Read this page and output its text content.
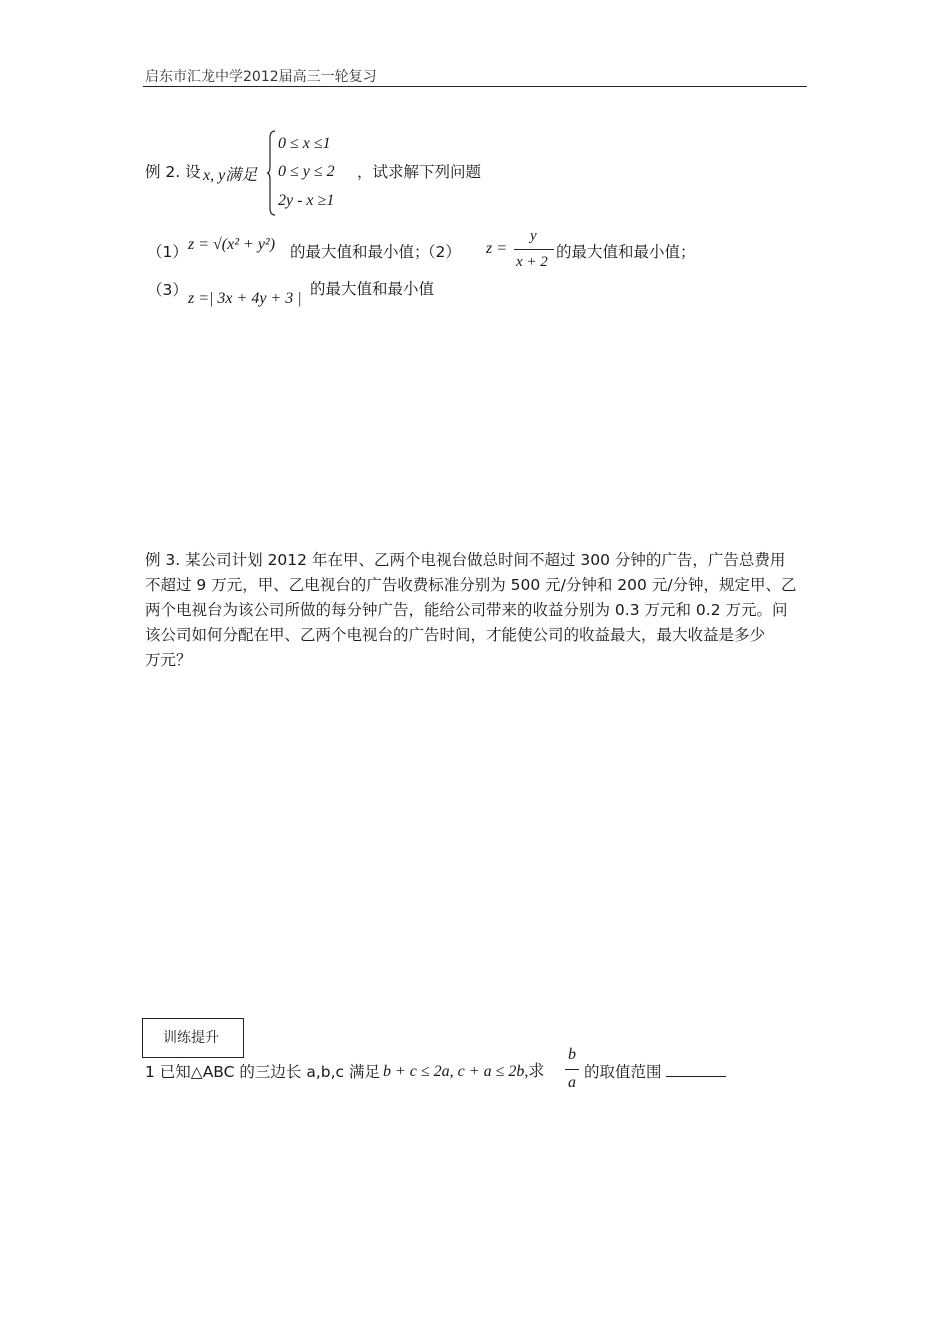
启东市汇龙中学2012届高三一轮复习
例 2. 设 x, y满足
0 ≤ x ≤1
0 ≤ y ≤ 2
2y - x ≥1
，试求解下列问题
（1） z = √(x² + y²) 的最大值和最小值；
（2） z =
y
x + 2
的最大值和最小值；
（3） z =| 3x + 4y + 3 |
的最大值和最小值
例 3. 某公司计划 2012 年在甲、乙两个电视台做总时间不超过 300 分钟的广告，广告总费用
不超过 9 万元，甲、乙电视台的广告收费标准分别为 500 元/分钟和 200 元/分钟，规定甲、乙
两个电视台为该公司所做的每分钟广告，能给公司带来的收益分别为 0.3 万元和 0.2 万元。问
该公司如何分配在甲、乙两个电视台的广告时间，才能使公司的收益最大，最大收益是多少
万元？
训练提升
1 已知△ABC 的三边长 a,b,c 满足 b + c ≤ 2a, c + a ≤ 2b,求
b
a
的取值范围
